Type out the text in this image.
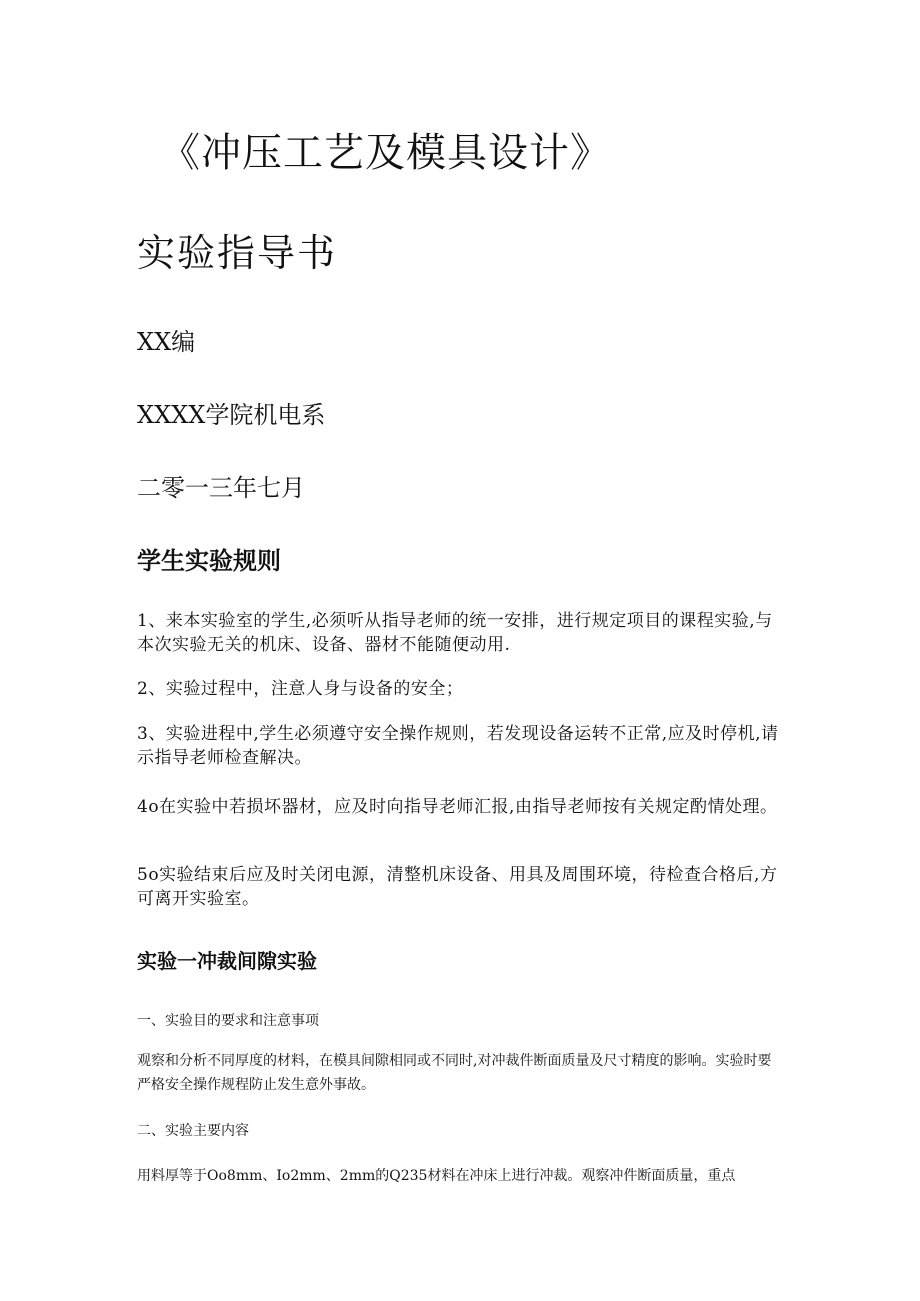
《冲压工艺及模具设计》
实验指导书

XX编

XXXX学院机电系

二零一三年七月

学生实验规则

1、来本实验室的学生,必须听从指导老师的统一安排，进行规定项目的课程实验,与本次实验无关的机床、设备、器材不能随便动用.

2、实验过程中，注意人身与设备的安全；

3、实验进程中,学生必须遵守安全操作规则，若发现设备运转不正常,应及时停机,请示指导老师检查解决。

4o在实验中若损坏器材，应及时向指导老师汇报,由指导老师按有关规定酌情处理。

5o实验结束后应及时关闭电源，清整机床设备、用具及周围环境，待检查合格后,方可离开实验室。

实验一冲裁间隙实验

一、实验目的要求和注意事项

观察和分析不同厚度的材料，在模具间隙相同或不同时,对冲裁件断面质量及尺寸精度的影响。实验时要严格安全操作规程防止发生意外事故。

二、实验主要内容

用料厚等于Oo8mm、Io2mm、2mm的Q235材料在冲床上进行冲裁。观察冲件断面质量，重点
